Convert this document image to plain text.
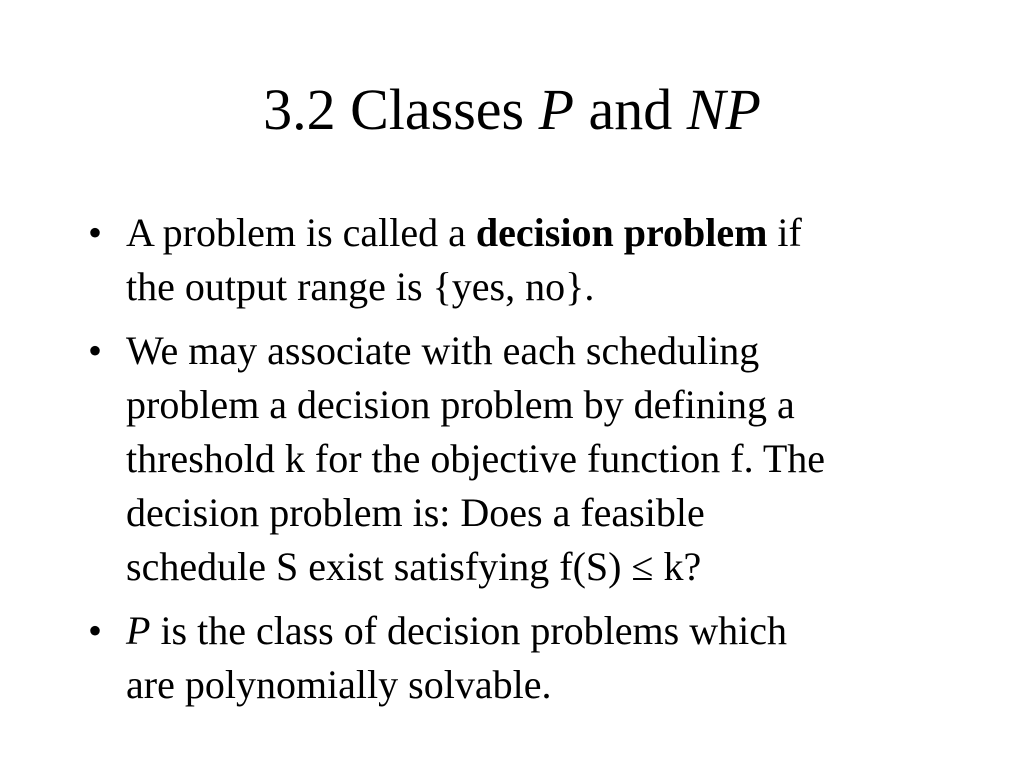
3.2 Classes P and NP
• A problem is called a decision problem if
the output range is {yes, no}.
• We may associate with each scheduling
problem a decision problem by defining a
threshold k for the objective function f. The
decision problem is: Does a feasible
schedule S exist satisfying f(S) ≤ k?
• P is the class of decision problems which
are polynomially solvable.
